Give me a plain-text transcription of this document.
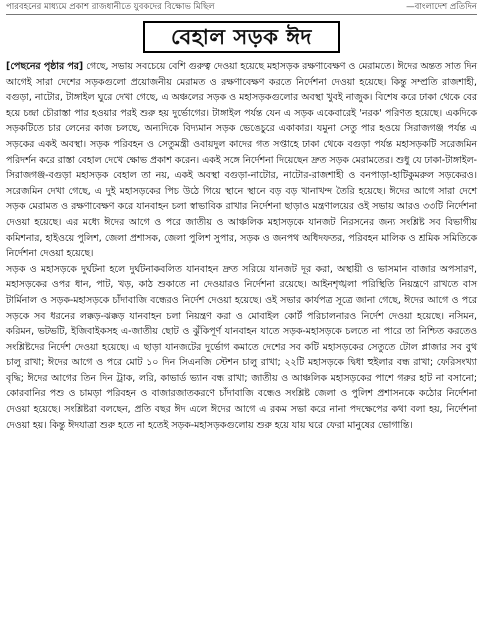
পারবহনের মাধ্যমে প্রকাশ রাজধানীতে যুবকদের বিক্ষোভ মিছিল	—বাংলাদেশ প্রতিদিন
বেহাল সড়ক ঈদ

[পেছনের পৃষ্ঠার পর] গেছে, সভায় সবচেয়ে বেশি গুরুত্ব দেওয়া হয়েছে মহাসড়ক রক্ষণাবেক্ষণ ও মেরামতে। ঈদের অন্তত সাত দিন আগেই সারা দেশের সড়কগুলো প্রয়োজনীয় মেরামত ও রক্ষণাবেক্ষণ করতে নির্দেশনা দেওয়া হয়েছে। কিন্তু সম্প্রতি রাজশাহী, বগুড়া, নাটোর, টাঙ্গাইল ঘুরে দেখা গেছে, এ অঞ্চলের সড়ক ও মহাসড়কগুলোর অবস্থা খুবই নাজুক। বিশেষ করে ঢাকা থেকে বের হয়ে চন্দ্রা চৌরাস্তা পার হওয়ার পরই শুরু হয় দুর্ভোগের। টাঙ্গাইল পর্যন্ত যেন এ সড়ক একেবারেই 'নরক' পরিণত হয়েছে। একদিকে সড়কটিতে চার লেনের কাজ চলছে, অন্যদিকে বিদ্যমান সড়ক ভেঙেচুরে একাকার। যমুনা সেতু পার হওয়ে সিরাজগঞ্জ পর্যন্ত এ সড়কের একই অবস্থা। সড়ক পরিবহন ও সেতুমন্ত্রী ওবায়দুল কাদের গত সপ্তাহে ঢাকা থেকে বগুড়া পর্যন্ত মহাসড়কটি সরেজমিন পরিদর্শন করে রাস্তা বেহাল দেখে ক্ষোভ প্রকাশ করেন। একই সঙ্গে নির্দেশনা দিয়েছেন দ্রুত সড়ক মেরামতের। শুধু যে ঢাকা-টাঙ্গাইল-সিরাজগঞ্জ-বগুড়া মহাসড়ক বেহাল তা নয়, একই অবস্থা বগুড়া-নাটোর, নাটোর-রাজশাহী ও বনপাড়া-হাটিকুমরুল সড়কেরও। সরেজমিন দেখা গেছে, এ দুই মহাসড়কের পিচ উঠে গিয়ে স্থানে স্থানে বড় বড় খানাখন্দ তৈরি হয়েছে। ঈদের আগে সারা দেশে সড়ক মেরামত ও রক্ষণাবেক্ষণ করে যানবাহন চলা স্বাভাবিক রাখার নির্দেশনা ছাড়াও মন্ত্রণালয়ের ওই সভায় আরও ৩৩টি নির্দেশনা দেওয়া হয়েছে। এর মধ্যে ঈদের আগে ও পরে জাতীয় ও আঞ্চলিক মহাসড়কে যানজট নিরসনের জন্য সংশ্লিষ্ট সব বিভাগীয় কমিশনার, হাইওয়ে পুলিশ, জেলা প্রশাসক, জেলা পুলিশ সুপার, সড়ক ও জনপথ অধিদফতর, পরিবহন মালিক ও শ্রমিক সমিতিকে নির্দেশনা দেওয়া হয়েছে।

সড়ক ও মহাসড়কে দুর্ঘটনা হলে দুর্ঘটনাকবলিত যানবাহন দ্রুত সরিয়ে যানজট দূর করা, অস্থায়ী ও ভাসমান বাজার অপসারণ, মহাসড়কের ওপর ধান, পাট, খড়, কাঠ শুকাতে না দেওয়ারও নির্দেশনা রয়েছে। আইনশৃঙ্খলা পরিস্থিতি নিয়ন্ত্রণে রাখতে বাস টার্মিনাল ও সড়ক-মহাসড়কে চাঁদাবাজি বন্ধেরও নির্দেশ দেওয়া হয়েছে। ওই সভার কার্যপত্র সূত্রে জানা গেছে, ঈদের আগে ও পরে সড়কে সব ধরনের লক্কড়-ঝক্কড় যানবাহন চলা নিয়ন্ত্রণ করা ও মোবাইল কোর্ট পরিচালনারও নির্দেশ দেওয়া হয়েছে। নসিমন, করিমন, ভটভটি, ইজিবাইকসহ এ-জাতীয় ছোট ও ঝুঁকিপূর্ণ যানবাহন যাতে সড়ক-মহাসড়কে চলতে না পারে তা নিশ্চিত করতেও সংশ্লিষ্টদের নির্দেশ দেওয়া হয়েছে। এ ছাড়া যানজটের দুর্ভোগ কমাতে দেশের সব কটি মহাসড়কের সেতুতে টোল প্লাজার সব বুথ চালু রাখা; ঈদের আগে ও পরে মোট ১০ দিন সিএনজি স্টেশন চালু রাখা; ২২টি মহাসড়কে দ্বিধা হুইলার বন্ধ রাখা; ফেরিসংখ্যা বৃদ্ধি; ঈদের আগের তিন দিন ট্রাক, লরি, কাভার্ড ভ্যান বন্ধ রাখা; জাতীয় ও আঞ্চলিক মহাসড়কের পাশে গরুর হাট না বসানো; কোরবানির পশু ও চামড়া পরিবহন ও বাজারজাতকরণে চাঁদাবাজি বন্ধেও সংশ্লিষ্ট জেলা ও পুলিশ প্রশাসনকে কঠোর নির্দেশনা দেওয়া হয়েছে। সংশ্লিষ্টরা বলছেন, প্রতি বছর ঈদ এলে ঈদের আগে এ রকম সভা করে নানা পদক্ষেপের কথা বলা হয়, নির্দেশনা দেওয়া হয়। কিন্তু ঈদযাত্রা শুরু হতে না হতেই সড়ক-মহাসড়কগুলোয় শুরু হয়ে যায় ঘরে ফেরা মানুষের ভোগান্তি।
